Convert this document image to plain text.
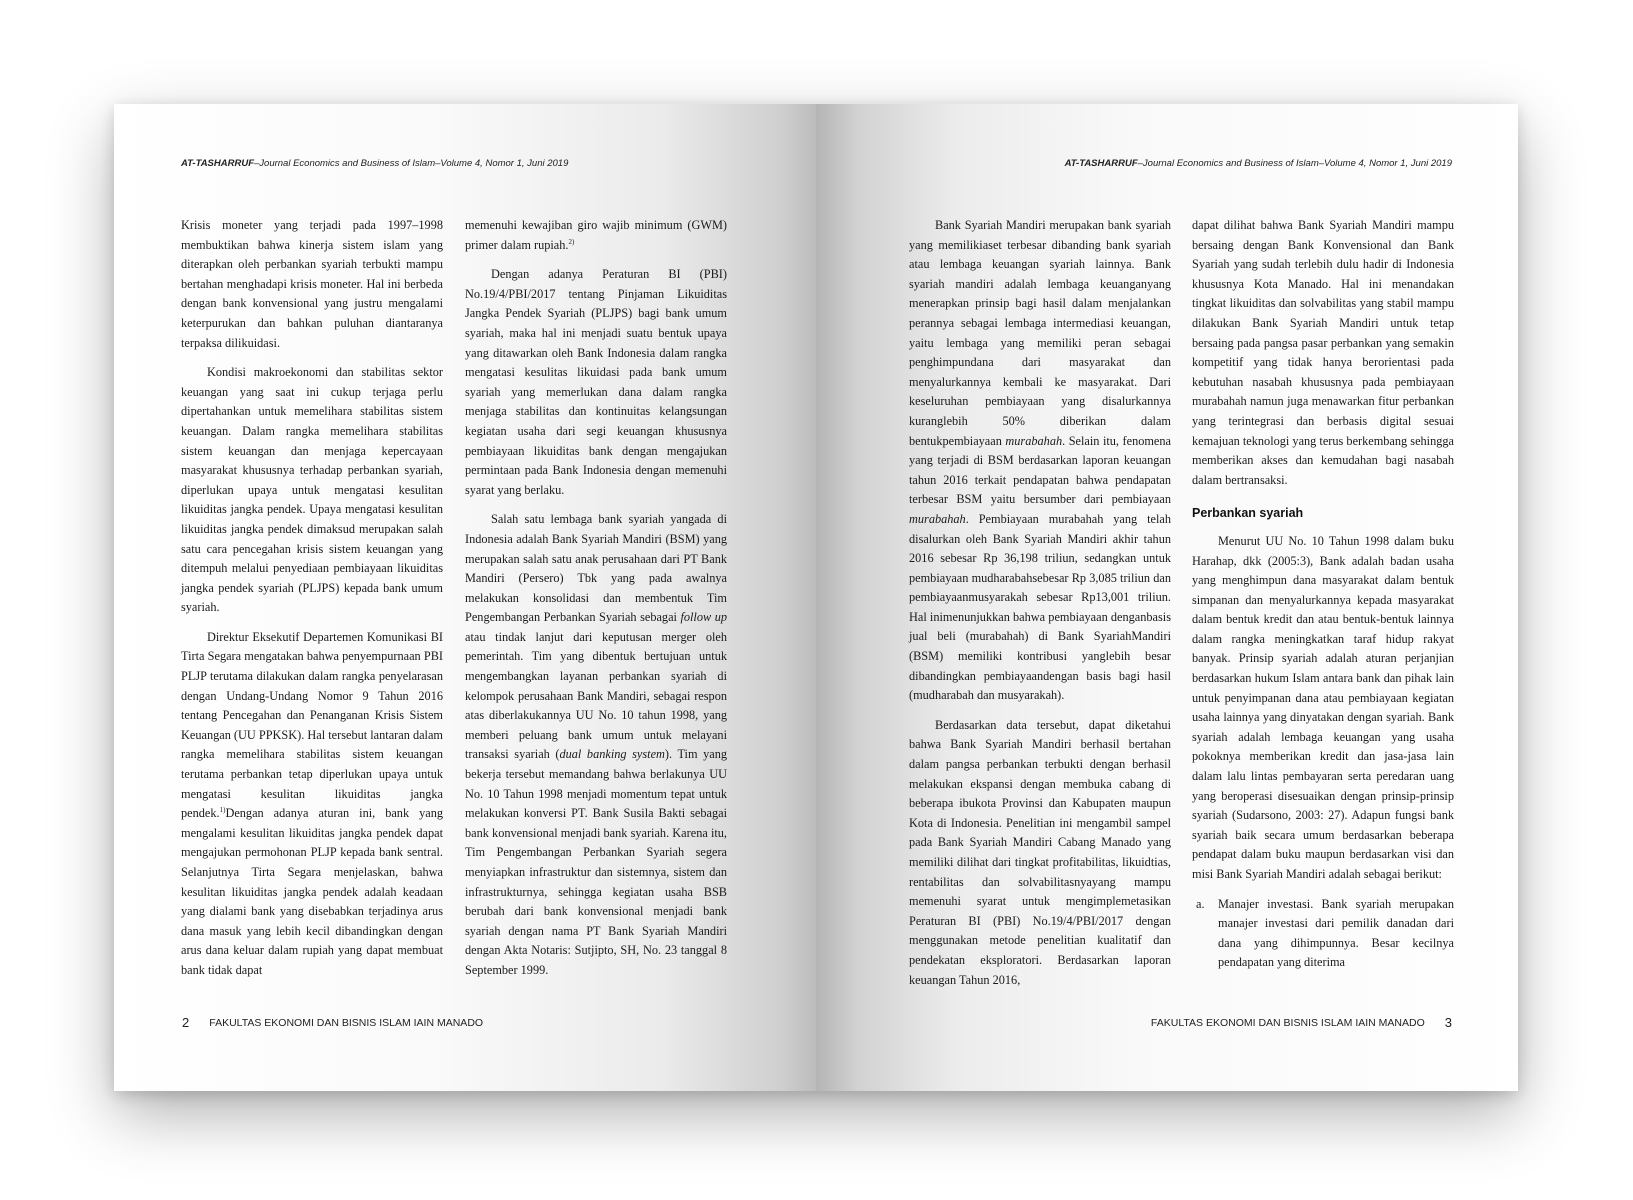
AT-TASHARRUF–Journal Economics and Business of Islam–Volume 4, Nomor 1, Juni 2019

Krisis moneter yang terjadi pada 1997–1998 membuktikan bahwa kinerja sistem islam yang diterapkan oleh perbankan syariah terbukti mampu bertahan menghadapi krisis moneter. Hal ini berbeda dengan bank konvensional yang justru mengalami keterpurukan dan bahkan puluhan diantaranya terpaksa dilikuidasi.

Kondisi makroekonomi dan stabilitas sektor keuangan yang saat ini cukup terjaga perlu dipertahankan untuk memelihara stabilitas sistem keuangan. Dalam rangka memelihara stabilitas sistem keuangan dan menjaga kepercayaan masyarakat khususnya terhadap perbankan syariah, diperlukan upaya untuk mengatasi kesulitan likuiditas jangka pendek. Upaya mengatasi kesulitan likuiditas jangka pendek dimaksud merupakan salah satu cara pencegahan krisis sistem keuangan yang ditempuh melalui penyediaan pembiayaan likuiditas jangka pendek syariah (PLJPS) kepada bank umum syariah.

Direktur Eksekutif Departemen Komunikasi BI Tirta Segara mengatakan bahwa penyempurnaan PBI PLJP terutama dilakukan dalam rangka penyelarasan dengan Undang-Undang Nomor 9 Tahun 2016 tentang Pencegahan dan Penanganan Krisis Sistem Keuangan (UU PPKSK). Hal tersebut lantaran dalam rangka memelihara stabilitas sistem keuangan terutama perbankan tetap diperlukan upaya untuk mengatasi kesulitan likuiditas jangka pendek.$^{1)}$Dengan adanya aturan ini, bank yang mengalami kesulitan likuiditas jangka pendek dapat mengajukan permohonan PLJP kepada bank sentral. Selanjutnya Tirta Segara menjelaskan, bahwa kesulitan likuiditas jangka pendek adalah keadaan yang dialami bank yang disebabkan terjadinya arus dana masuk yang lebih kecil dibandingkan dengan arus dana keluar dalam rupiah yang dapat membuat bank tidak dapat

memenuhi kewajiban giro wajib minimum (GWM) primer dalam rupiah.$^{2)}$

Dengan adanya Peraturan BI (PBI) No.19/4/PBI/2017 tentang Pinjaman Likuiditas Jangka Pendek Syariah (PLJPS) bagi bank umum syariah, maka hal ini menjadi suatu bentuk upaya yang ditawarkan oleh Bank Indonesia dalam rangka mengatasi kesulitas likuidasi pada bank umum syariah yang memerlukan dana dalam rangka menjaga stabilitas dan kontinuitas kelangsungan kegiatan usaha dari segi keuangan khususnya pembiayaan likuiditas bank dengan mengajukan permintaan pada Bank Indonesia dengan memenuhi syarat yang berlaku.

Salah satu lembaga bank syariah yangada di Indonesia adalah Bank Syariah Mandiri (BSM) yang merupakan salah satu anak perusahaan dari PT Bank Mandiri (Persero) Tbk yang pada awalnya melakukan konsolidasi dan membentuk Tim Pengembangan Perbankan Syariah sebagai follow up atau tindak lanjut dari keputusan merger oleh pemerintah. Tim yang dibentuk bertujuan untuk mengembangkan layanan perbankan syariah di kelompok perusahaan Bank Mandiri, sebagai respon atas diberlakukannya UU No. 10 tahun 1998, yang memberi peluang bank umum untuk melayani transaksi syariah (dual banking system). Tim yang bekerja tersebut memandang bahwa berlakunya UU No. 10 Tahun 1998 menjadi momentum tepat untuk melakukan konversi PT. Bank Susila Bakti sebagai bank konvensional menjadi bank syariah. Karena itu, Tim Pengembangan Perbankan Syariah segera menyiapkan infrastruktur dan sistemnya, sistem dan infrastrukturnya, sehingga kegiatan usaha BSB berubah dari bank konvensional menjadi bank syariah dengan nama PT Bank Syariah Mandiri dengan Akta Notaris: Sutjipto, SH, No. 23 tanggal 8 September 1999.

2 FAKULTAS EKONOMI DAN BISNIS ISLAM IAIN MANADO
AT-TASHARRUF–Journal Economics and Business of Islam–Volume 4, Nomor 1, Juni 2019

Bank Syariah Mandiri merupakan bank syariah yang memilikiaset terbesar dibanding bank syariah atau lembaga keuangan syariah lainnya. Bank syariah mandiri adalah lembaga keuanganyang menerapkan prinsip bagi hasil dalam menjalankan perannya sebagai lembaga intermediasi keuangan, yaitu lembaga yang memiliki peran sebagai penghimpundana dari masyarakat dan menyalurkannya kembali ke masyarakat. Dari keseluruhan pembiayaan yang disalurkannya kuranglebih 50% diberikan dalam bentukpembiayaan murabahah. Selain itu, fenomena yang terjadi di BSM berdasarkan laporan keuangan tahun 2016 terkait pendapatan bahwa pendapatan terbesar BSM yaitu bersumber dari pembiayaan murabahah. Pembiayaan murabahah yang telah disalurkan oleh Bank Syariah Mandiri akhir tahun 2016 sebesar Rp 36,198 triliun, sedangkan untuk pembiayaan mudharabahsebesar Rp 3,085 triliun dan pembiayaanmusyarakah sebesar Rp13,001 triliun. Hal inimenunjukkan bahwa pembiayaan denganbasis jual beli (murabahah) di Bank SyariahMandiri (BSM) memiliki kontribusi yanglebih besar dibandingkan pembiayaandengan basis bagi hasil (mudharabah dan musyarakah).

Berdasarkan data tersebut, dapat diketahui bahwa Bank Syariah Mandiri berhasil bertahan dalam pangsa perbankan terbukti dengan berhasil melakukan ekspansi dengan membuka cabang di beberapa ibukota Provinsi dan Kabupaten maupun Kota di Indonesia. Penelitian ini mengambil sampel pada Bank Syariah Mandiri Cabang Manado yang memiliki dilihat dari tingkat profitabilitas, likuidtias, rentabilitas dan solvabilitasnyayang mampu memenuhi syarat untuk mengimplemetasikan Peraturan BI (PBI) No.19/4/PBI/2017 dengan menggunakan metode penelitian kualitatif dan pendekatan eksploratori. Berdasarkan laporan keuangan Tahun 2016,

dapat dilihat bahwa Bank Syariah Mandiri mampu bersaing dengan Bank Konvensional dan Bank Syariah yang sudah terlebih dulu hadir di Indonesia khususnya Kota Manado. Hal ini menandakan tingkat likuiditas dan solvabilitas yang stabil mampu dilakukan Bank Syariah Mandiri untuk tetap bersaing pada pangsa pasar perbankan yang semakin kompetitif yang tidak hanya berorientasi pada kebutuhan nasabah khususnya pada pembiayaan murabahah namun juga menawarkan fitur perbankan yang terintegrasi dan berbasis digital sesuai kemajuan teknologi yang terus berkembang sehingga memberikan akses dan kemudahan bagi nasabah dalam bertransaksi.

Perbankan syariah

Menurut UU No. 10 Tahun 1998 dalam buku Harahap, dkk (2005:3), Bank adalah badan usaha yang menghimpun dana masyarakat dalam bentuk simpanan dan menyalurkannya kepada masyarakat dalam bentuk kredit dan atau bentuk-bentuk lainnya dalam rangka meningkatkan taraf hidup rakyat banyak. Prinsip syariah adalah aturan perjanjian berdasarkan hukum Islam antara bank dan pihak lain untuk penyimpanan dana atau pembiayaan kegiatan usaha lainnya yang dinyatakan dengan syariah. Bank syariah adalah lembaga keuangan yang usaha pokoknya memberikan kredit dan jasa-jasa lain dalam lalu lintas pembayaran serta peredaran uang yang beroperasi disesuaikan dengan prinsip-prinsip syariah (Sudarsono, 2003: 27). Adapun fungsi bank syariah baik secara umum berdasarkan beberapa pendapat dalam buku maupun berdasarkan visi dan misi Bank Syariah Mandiri adalah sebagai berikut:

a.	Manajer investasi. Bank syariah merupakan manajer investasi dari pemilik danadan dari dana yang dihimpunnya. Besar kecilnya pendapatan yang diterima
FAKULTAS EKONOMI DAN BISNIS ISLAM IAIN MANADO 3
